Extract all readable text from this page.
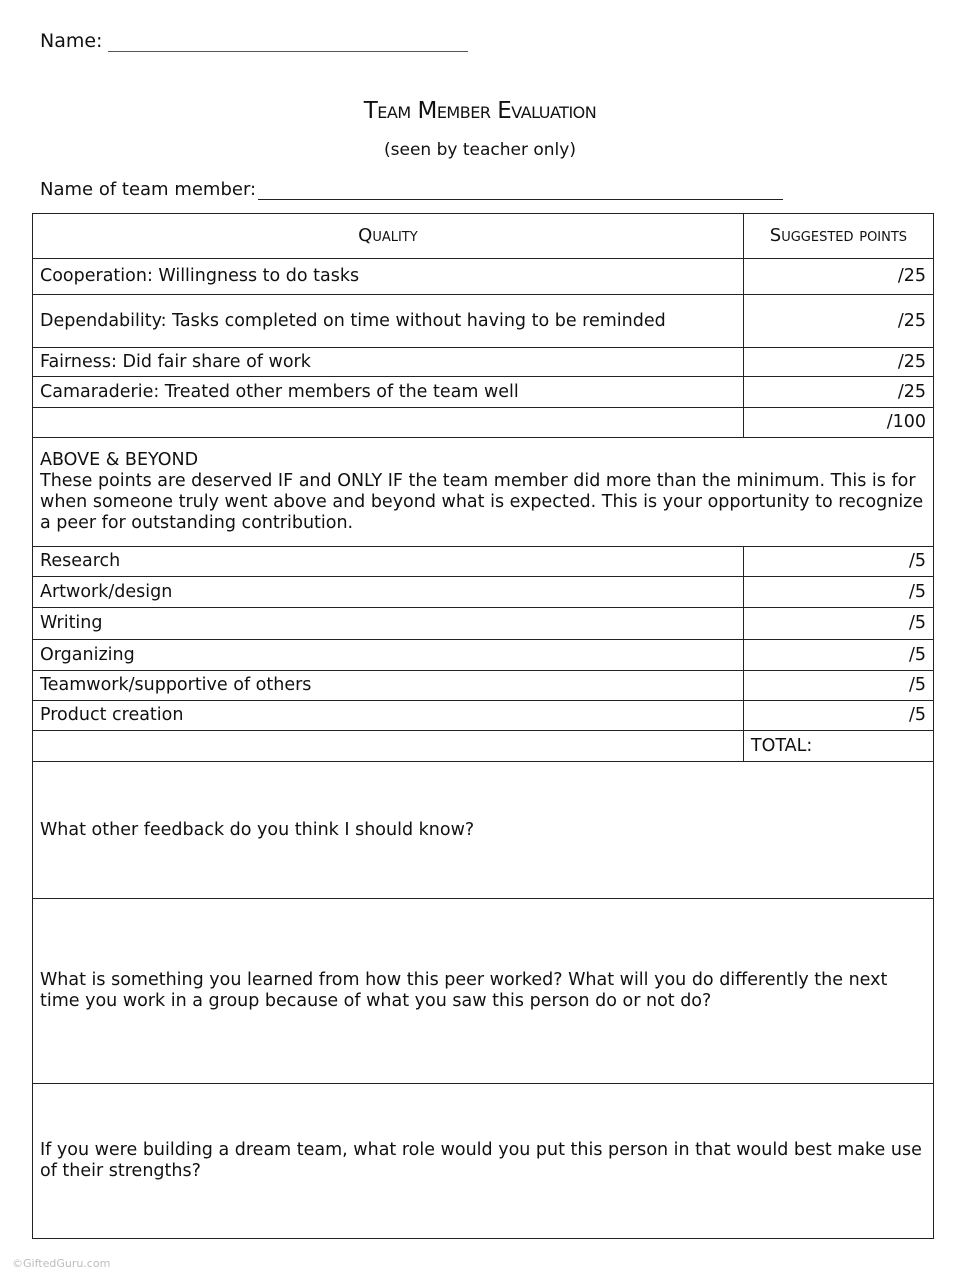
Name:
Team Member Evaluation
(seen by teacher only)
Name of team member:
Quality	Suggested points
Cooperation: Willingness to do tasks	/25
Dependability: Tasks completed on time without having to be reminded	/25
Fairness: Did fair share of work	/25
Camaraderie: Treated other members of the team well	/25
	/100

ABOVE & BEYOND
These points are deserved IF and ONLY IF the team member did more than the minimum. This is for when someone truly went above and beyond what is expected. This is your opportunity to recognize a peer for outstanding contribution.	
Research	/5
Artwork/design	/5
Writing	/5
Organizing	/5
Teamwork/supportive of others	/5
Product creation	/5
	TOTAL:
What other feedback do you think I should know?	
What is something you learned from how this peer worked? What will you do differently the next time you work in a group because of what you saw this person do or not do?	
If you were building a dream team, what role would you put this person in that would best make use of their strengths?	
©GiftedGuru.com
